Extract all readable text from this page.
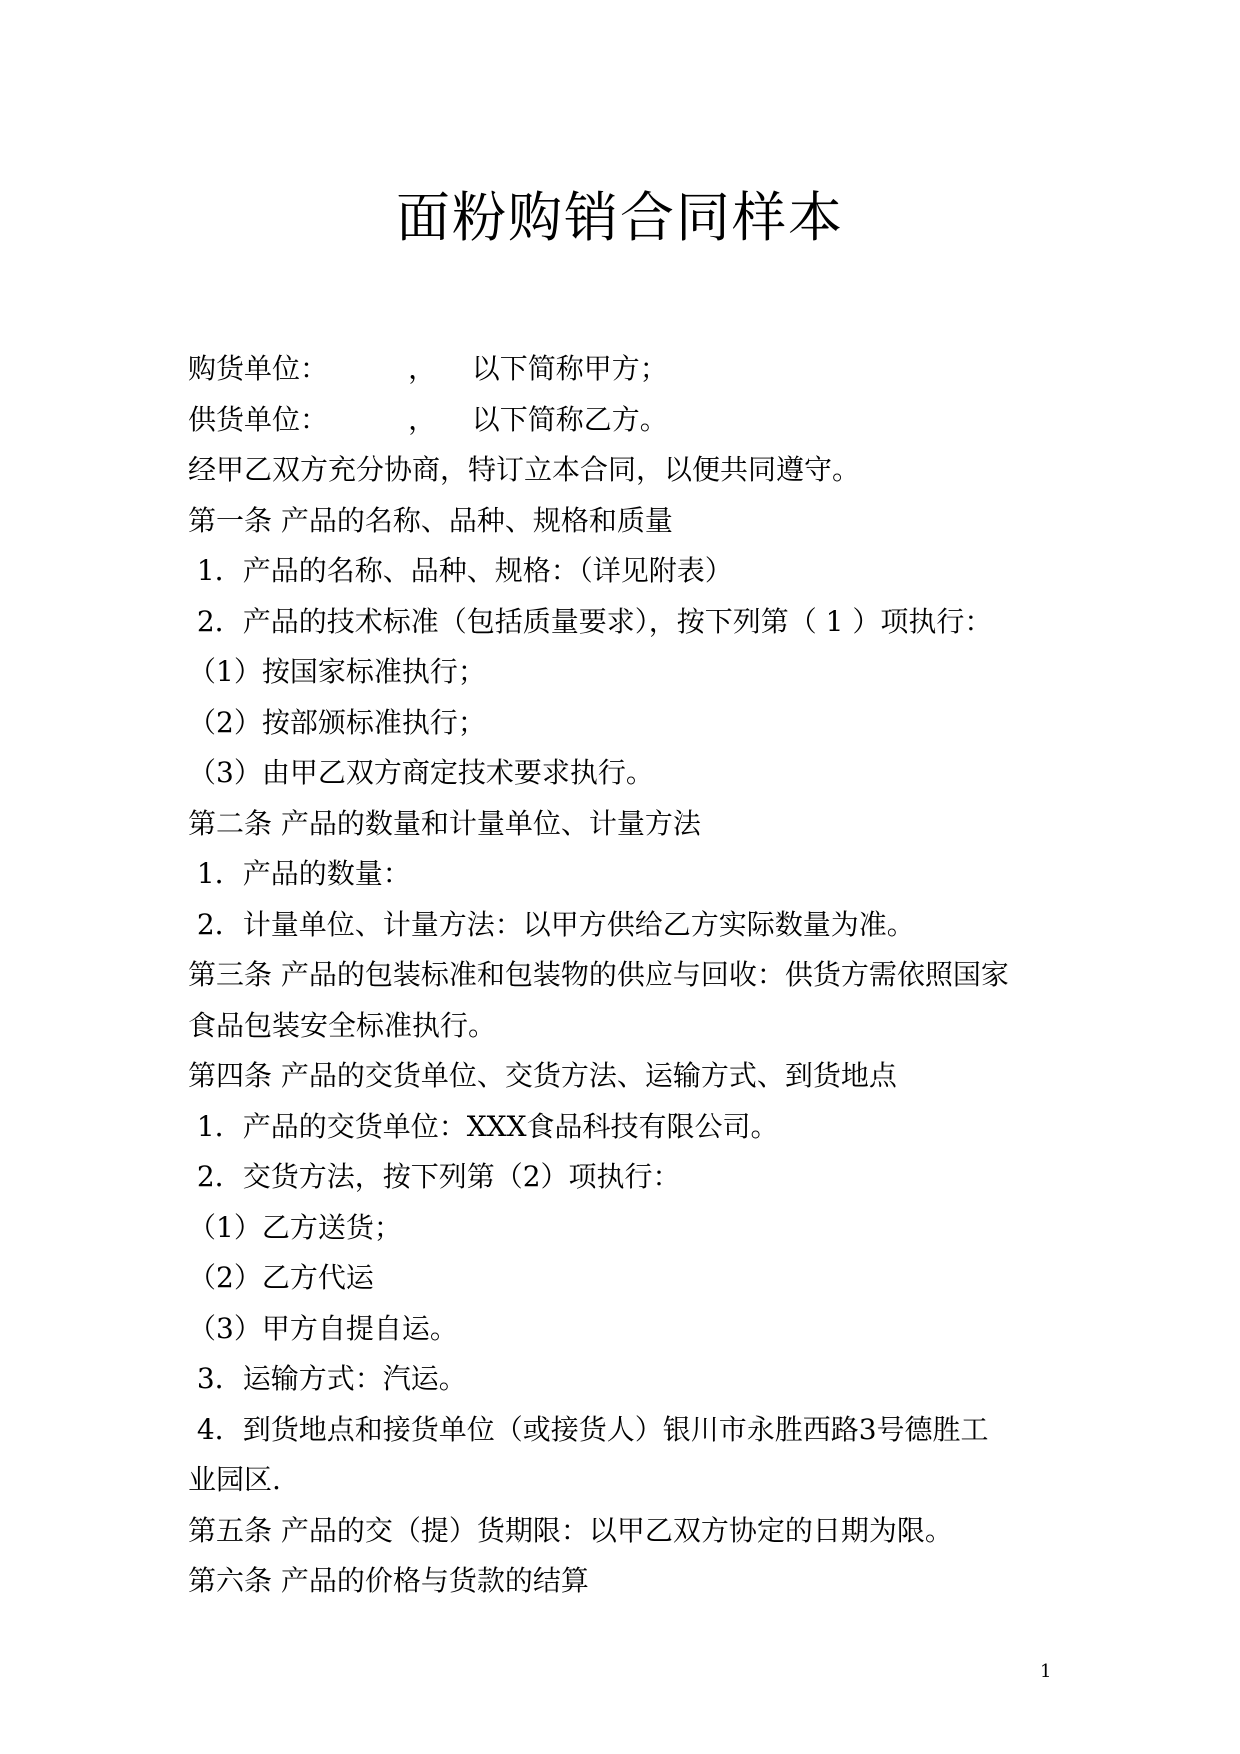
面粉购销合同样本
购货单位：         ，    以下简称甲方；
供货单位：         ，    以下简称乙方。
经甲乙双方充分协商，特订立本合同，以便共同遵守。
第一条 产品的名称、品种、规格和质量
1．产品的名称、品种、规格：（详见附表）
2．产品的技术标准（包括质量要求），按下列第（ 1 ）项执行：
（1）按国家标准执行；
（2）按部颁标准执行；
（3）由甲乙双方商定技术要求执行。
第二条 产品的数量和计量单位、计量方法
1．产品的数量：
2．计量单位、计量方法：以甲方供给乙方实际数量为准。
第三条 产品的包装标准和包装物的供应与回收：供货方需依照国家
食品包装安全标准执行。
第四条 产品的交货单位、交货方法、运输方式、到货地点
1．产品的交货单位：XXX食品科技有限公司。
2．交货方法，按下列第（2）项执行：
（1）乙方送货；
（2）乙方代运
（3）甲方自提自运。
3．运输方式：汽运。
4．到货地点和接货单位（或接货人）银川市永胜西路3号德胜工
业园区.
第五条 产品的交（提）货期限：以甲乙双方协定的日期为限。
第六条 产品的价格与货款的结算
1
